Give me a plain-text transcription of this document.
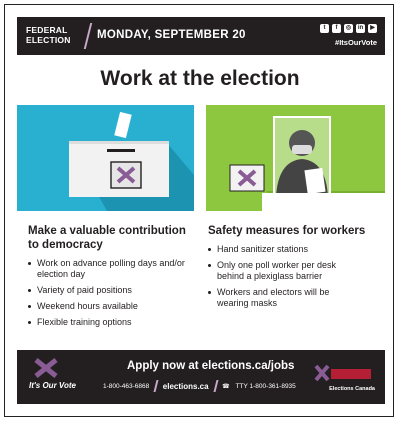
FEDERAL ELECTION	MONDAY, SEPTEMBER 20
t	f	◎	in	▶
#ItsOurVote
Work at the election
Make a valuable contribution to democracy
Work on advance polling days and/or election day
Variety of paid positions
Weekend hours available
Flexible training options
Safety measures for workers
Hand sanitizer stations
Only one poll worker per desk behind a plexiglass barrier
Workers and electors will be wearing masks
It's Our Vote
Apply now at elections.ca/jobs
1-800-463-6868 elections.ca ☎ TTY 1-800-361-8935	Elections Canada
